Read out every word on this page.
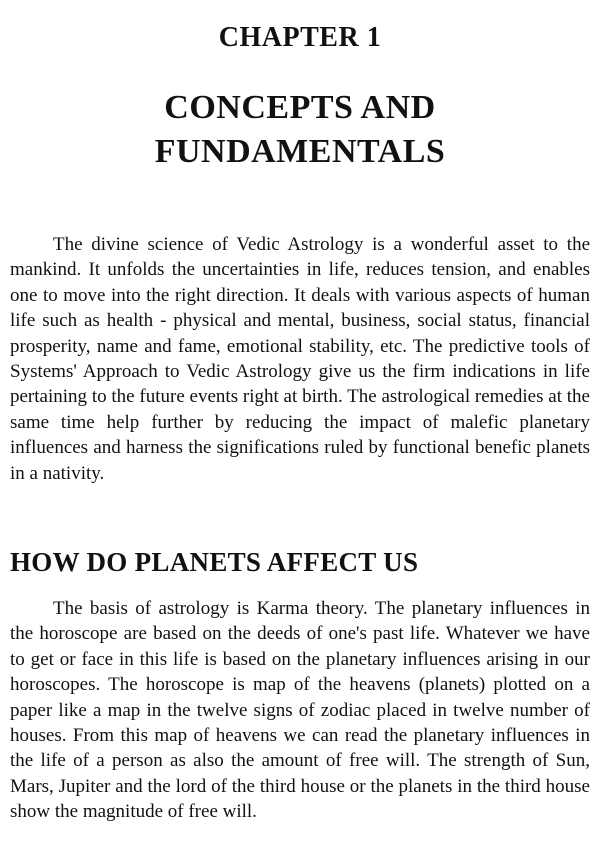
CHAPTER 1
CONCEPTS AND
FUNDAMENTALS

The divine science of Vedic Astrology is a wonderful asset to the mankind. It unfolds the uncertainties in life, reduces tension, and enables one to move into the right direction. It deals with various aspects of human life such as health - physical and mental, business, social status, financial prosperity, name and fame, emotional stability, etc. The predictive tools of Systems' Approach to Vedic Astrology give us the firm indications in life pertaining to the future events right at birth. The astrological remedies at the same time help further by reducing the impact of malefic planetary influences and harness the significations ruled by functional benefic planets in a nativity.

HOW DO PLANETS AFFECT US

The basis of astrology is Karma theory. The planetary influences in the horoscope are based on the deeds of one's past life. Whatever we have to get or face in this life is based on the planetary influences arising in our horoscopes. The horoscope is map of the heavens (planets) plotted on a paper like a map in the twelve signs of zodiac placed in twelve number of houses. From this map of heavens we can read the planetary influences in the life of a person as also the amount of free will. The strength of Sun, Mars, Jupiter and the lord of the third house or the planets in the third house show the magnitude of free will.
